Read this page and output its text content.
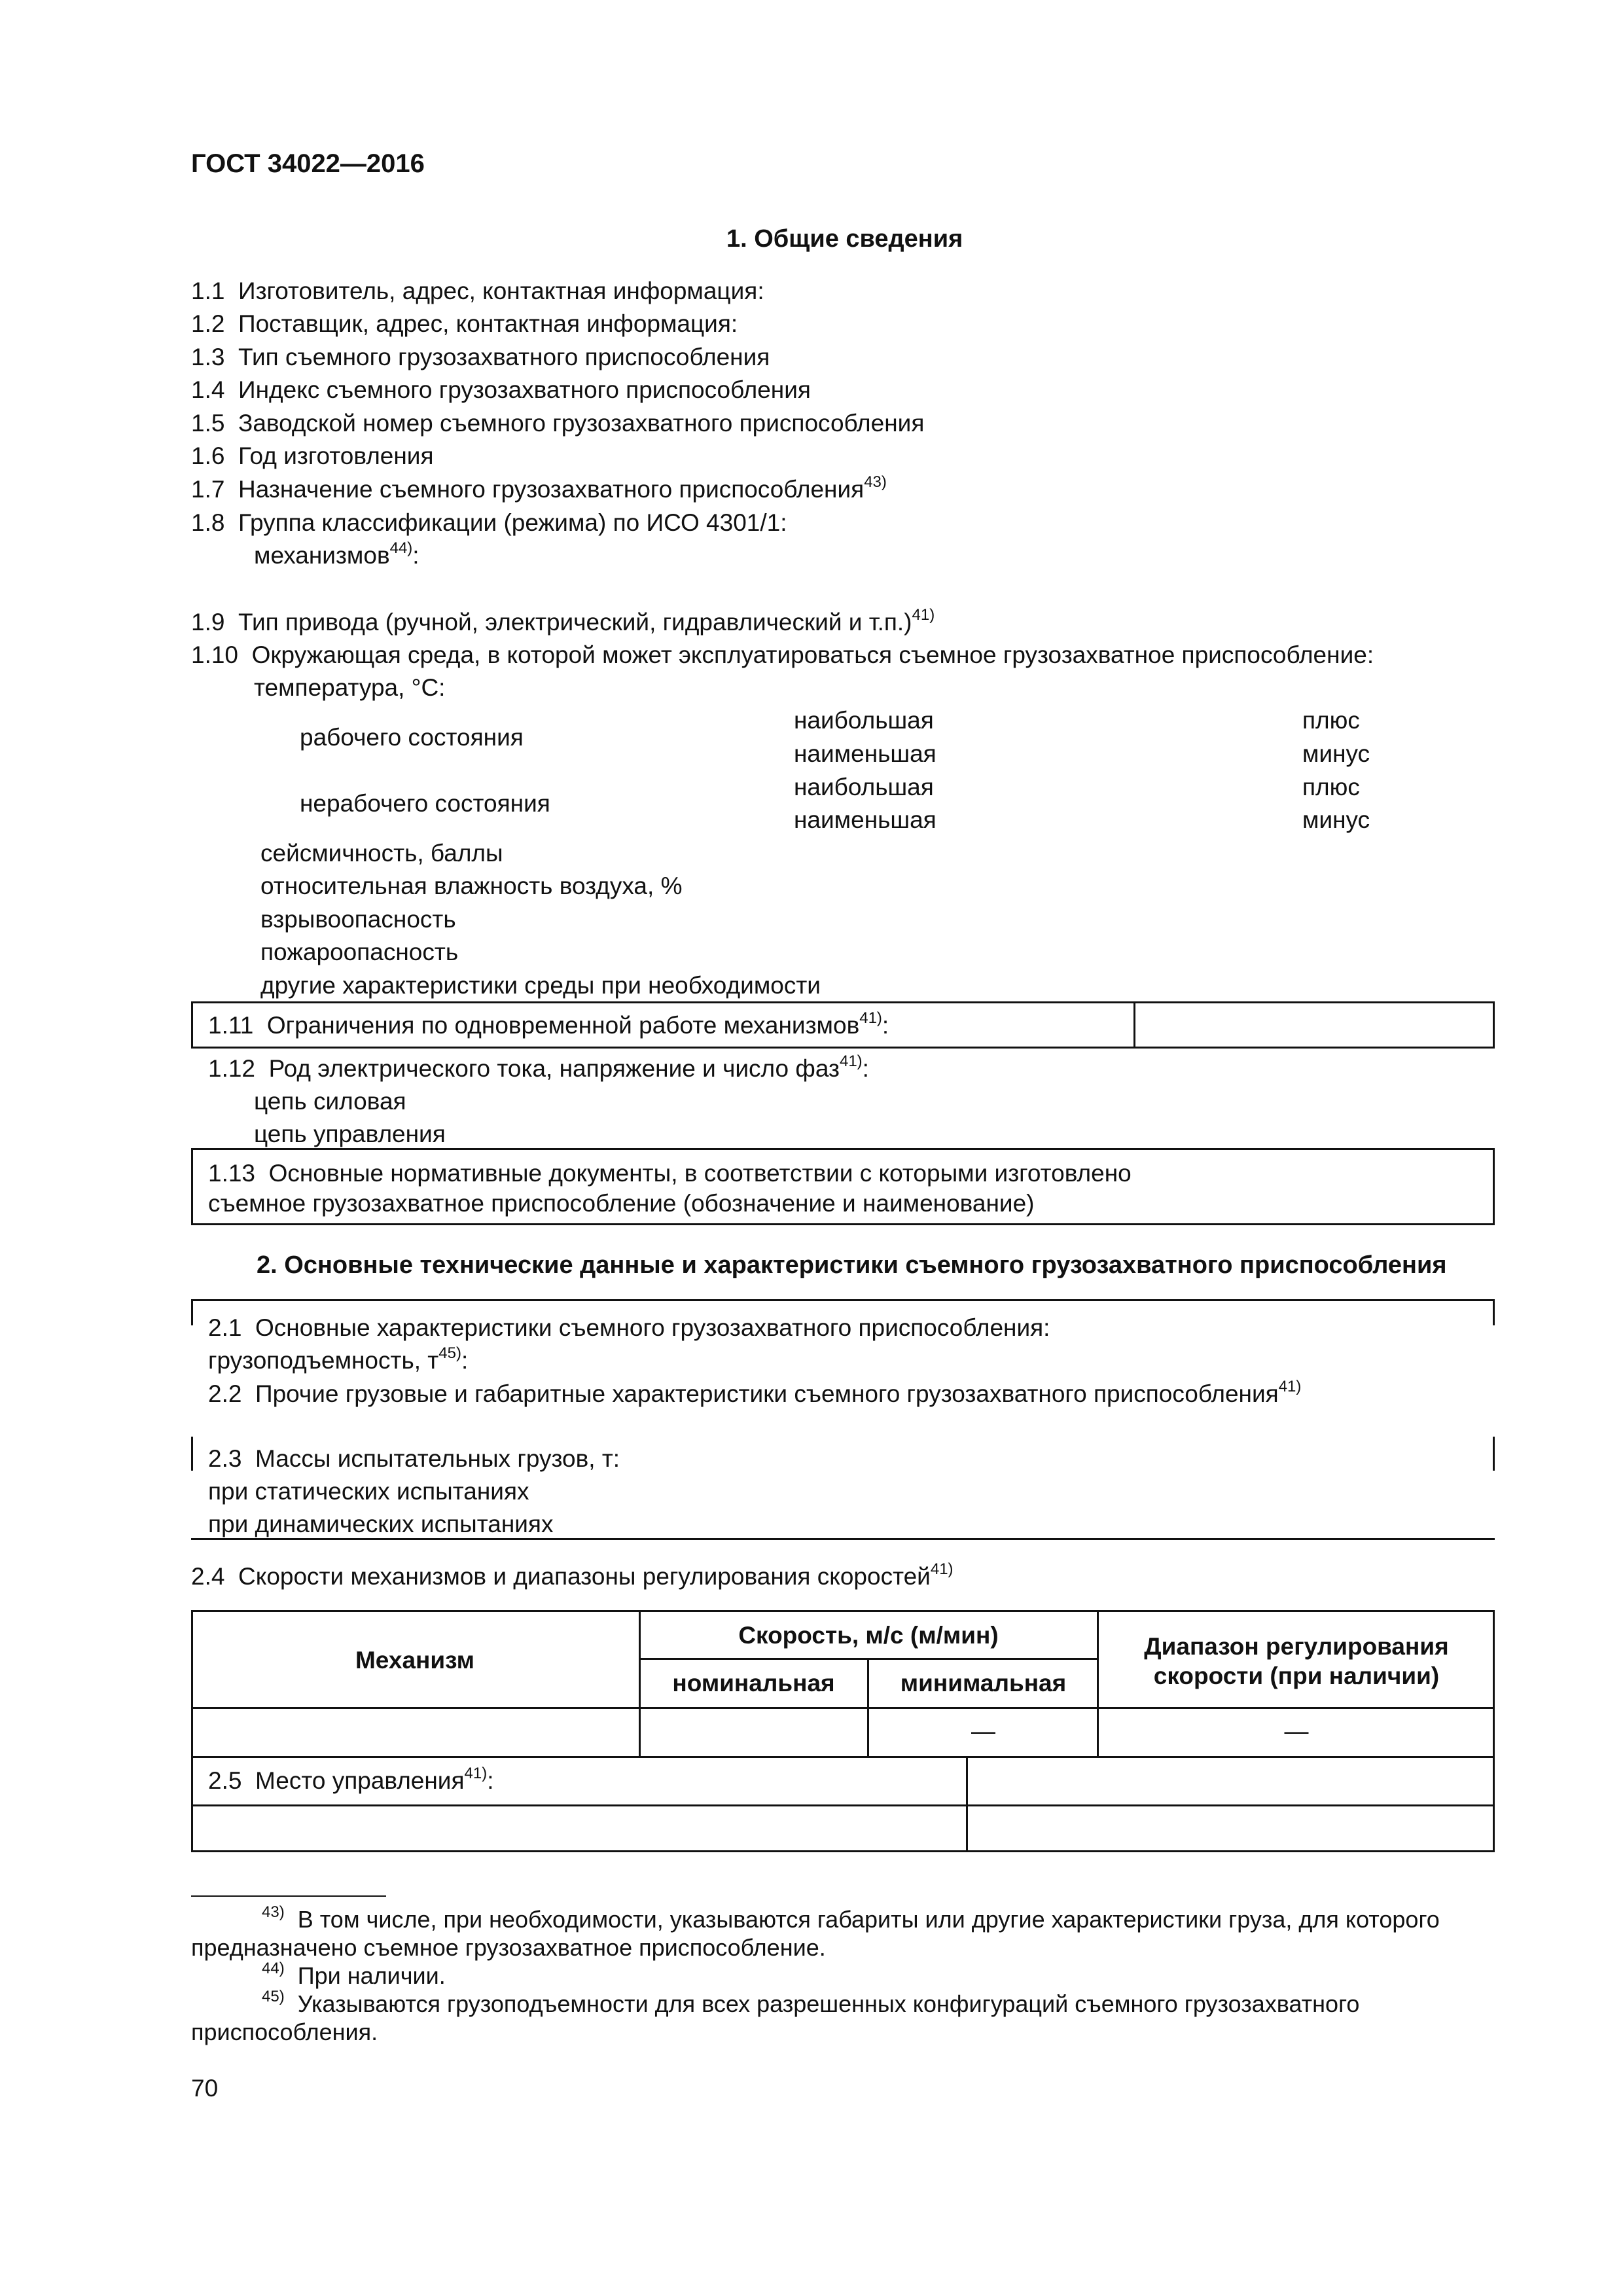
ГОСТ 34022—2016
1. Общие сведения
1.1 Изготовитель, адрес, контактная информация:
1.2 Поставщик, адрес, контактная информация:
1.3 Тип съемного грузозахватного приспособления
1.4 Индекс съемного грузозахватного приспособления
1.5 Заводской номер съемного грузозахватного приспособления
1.6 Год изготовления
1.7 Назначение съемного грузозахватного приспособления$^{43)}$
1.8 Группа классификации (режима) по ИСО 4301/1:
механизмов$^{44)}$:
1.9 Тип привода (ручной, электрический, гидравлический и т.п.)$^{41)}$
1.10 Окружающая среда, в которой может эксплуатироваться съемное грузозахватное приспособление:
температура, °С:
рабочего состояния
наибольшая
наименьшая
плюс
минус
нерабочего состояния
наибольшая
наименьшая
плюс
минус
сейсмичность, баллы
относительная влажность воздуха, %
взрывоопасность
пожароопасность
другие характеристики среды при необходимости
1.11 Ограничения по одновременной работе механизмов$^{41)}$:
1.12 Род электрического тока, напряжение и число фаз$^{41)}$:
цепь силовая
цепь управления
1.13 Основные нормативные документы, в соответствии с которыми изготовлено
съемное грузозахватное приспособление (обозначение и наименование)
2. Основные технические данные и характеристики съемного грузозахватного приспособления
2.1 Основные характеристики съемного грузозахватного приспособления:
грузоподъемность, $т^{45)}$:
2.2 Прочие грузовые и габаритные характеристики съемного грузозахватного приспособления$^{41)}$
2.3 Массы испытательных грузов, т:
при статических испытаниях
при динамических испытаниях
2.4 Скорости механизмов и диапазоны регулирования скоростей$^{41)}$
Механизм
Скорость, м/с (м/мин)
номинальная	минимальная
Диапазон регулирования
скорости (при наличии)
—	—
2.5 Место управления$^{41)}$:
$^{43)}$ В том числе, при необходимости, указываются габариты или другие характеристики груза, для которого
предназначено съемное грузозахватное приспособление.
$^{44)}$ При наличии.
$^{45)}$ Указываются грузоподъемности для всех разрешенных конфигураций съемного грузозахватного
приспособления.
70
